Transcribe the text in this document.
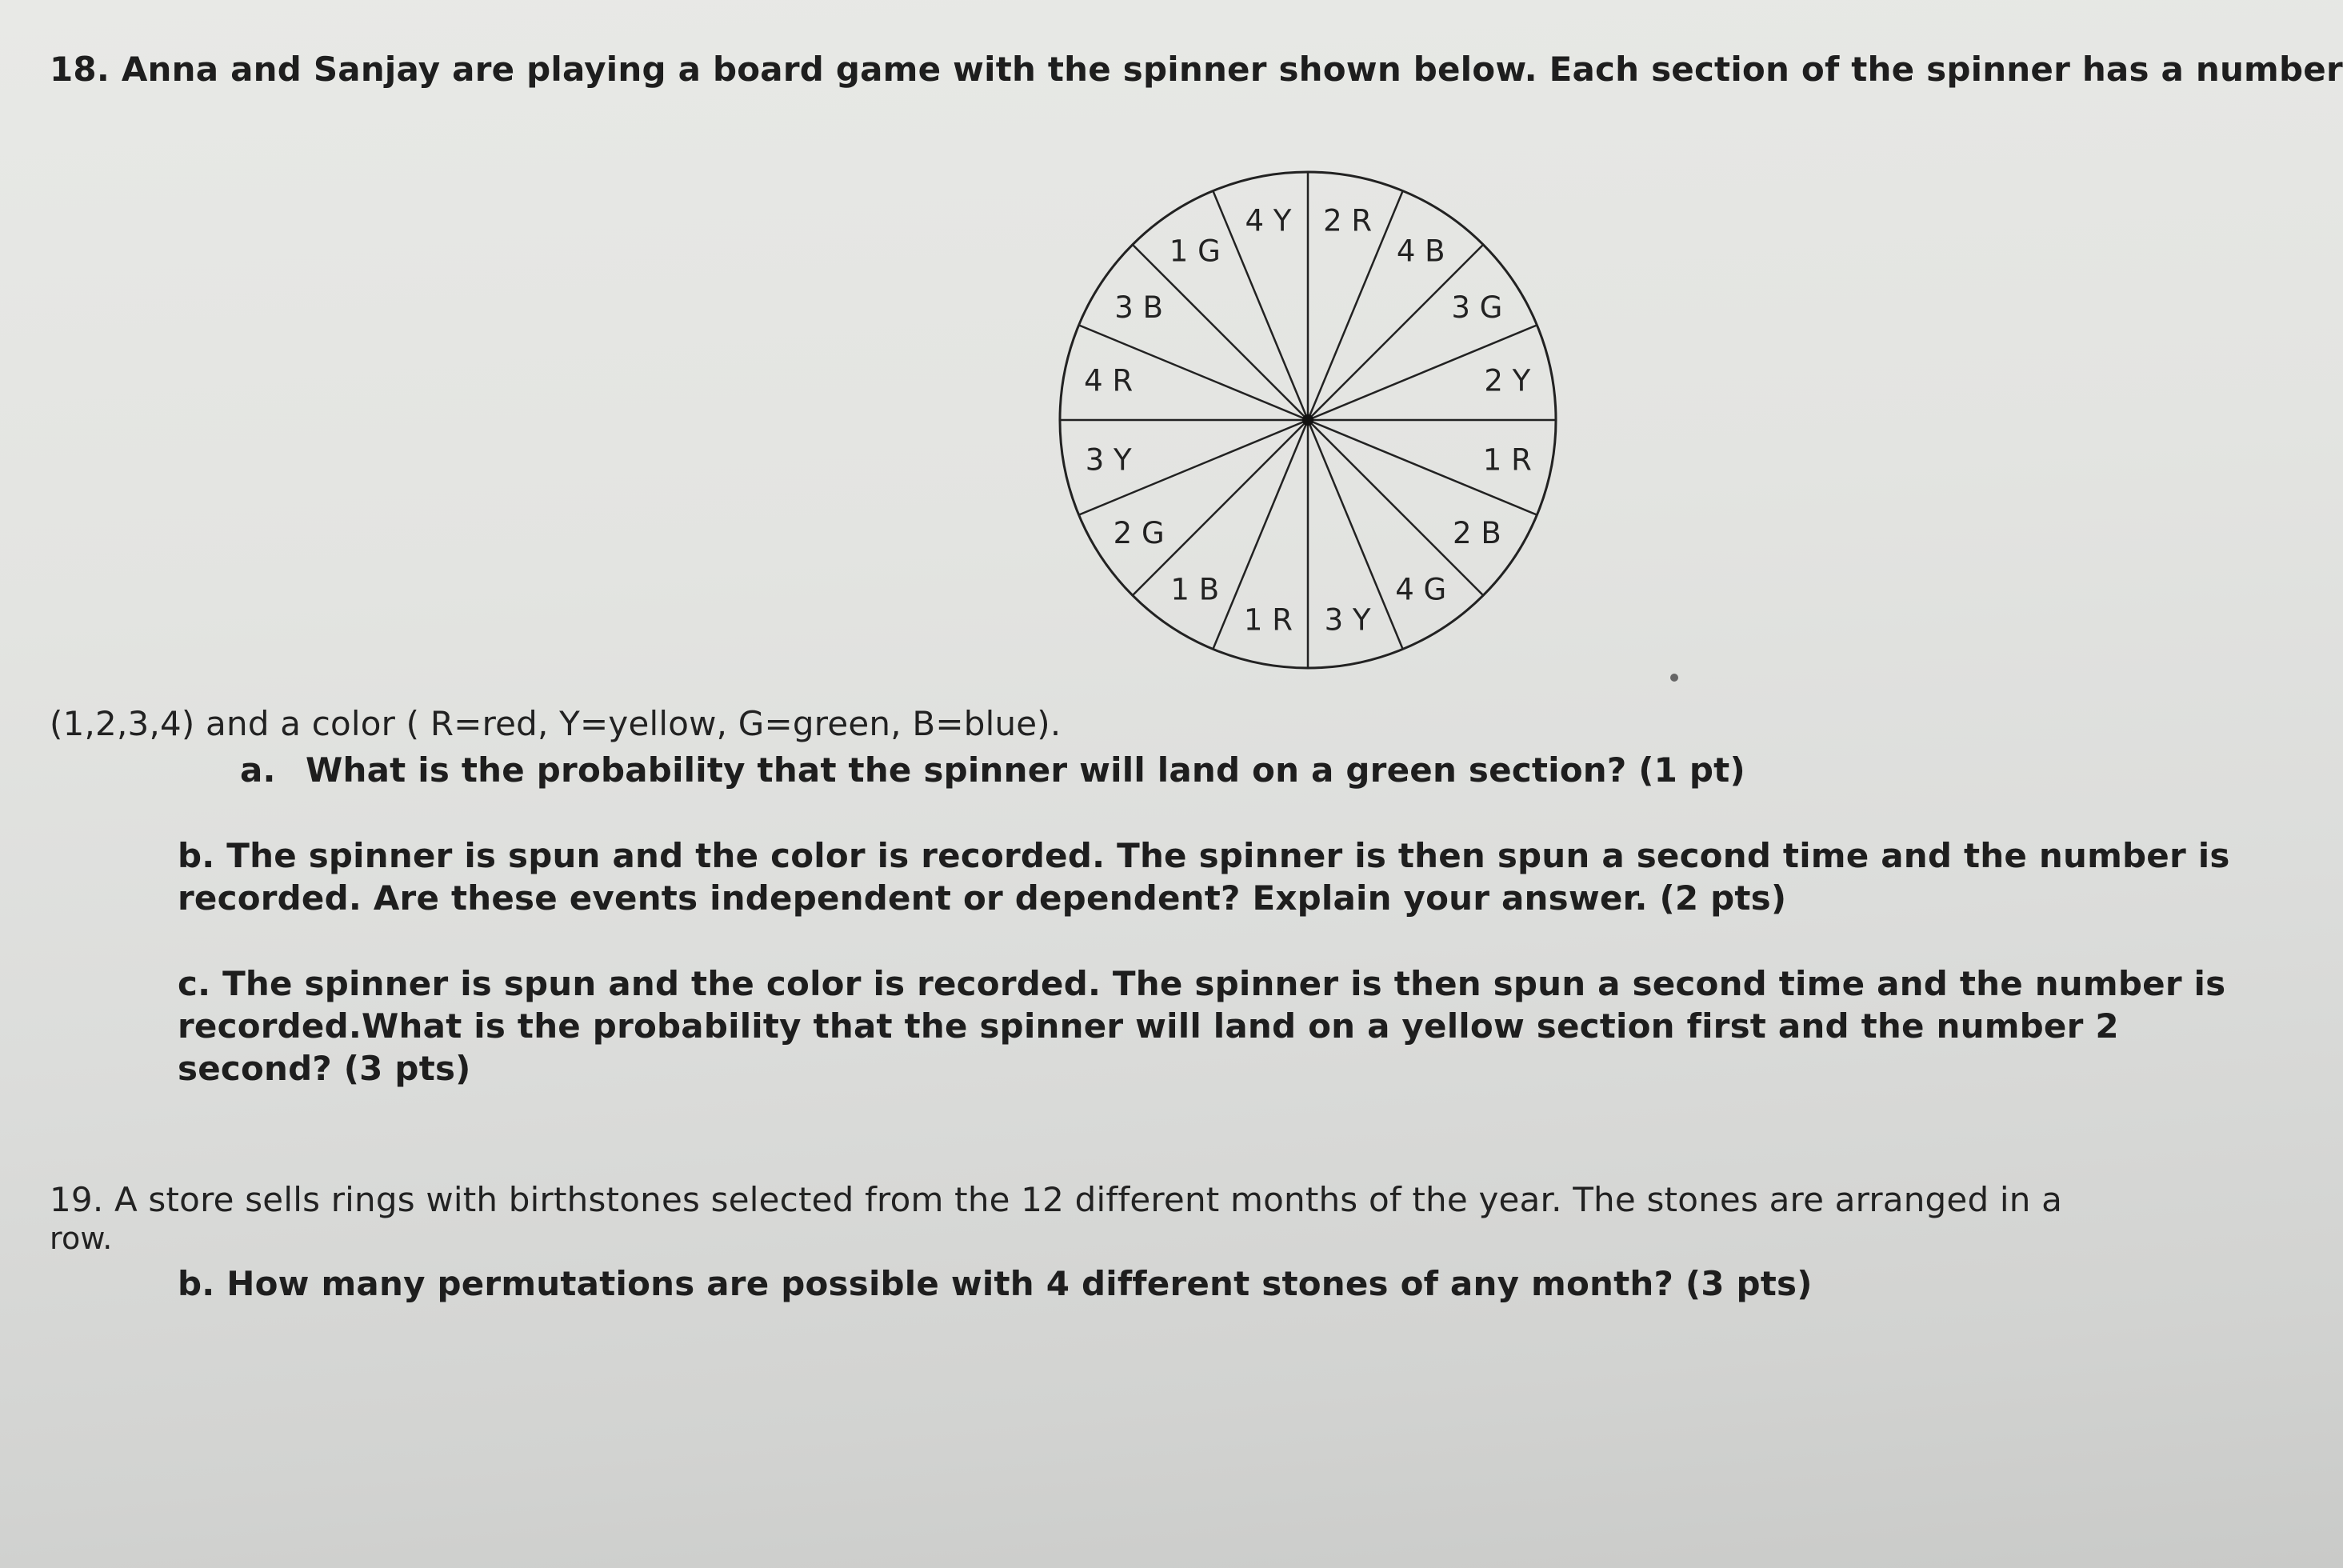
18. Anna and Sanjay are playing a board game with the spinner shown below. Each section of the spinner has a number
2 R
4 B
3 G
2 Y
1 R
2 B
4 G
3 Y
1 R
1 B
2 G
3 Y
4 R
3 B
1 G
4 Y
(1,2,3,4) and a color ( R=red, Y=yellow, G=green, B=blue).
a. What is the probability that the spinner will land on a green section? (1 pt)
b. The spinner is spun and the color is recorded. The spinner is then spun a second time and the number is
recorded. Are these events independent or dependent? Explain your answer. (2 pts)
c. The spinner is spun and the color is recorded. The spinner is then spun a second time and the number is
recorded.What is the probability that the spinner will land on a yellow section first and the number 2
second? (3 pts)
19. A store sells rings with birthstones selected from the 12 different months of the year. The stones are arranged in a
row.
b. How many permutations are possible with 4 different stones of any month? (3 pts)
